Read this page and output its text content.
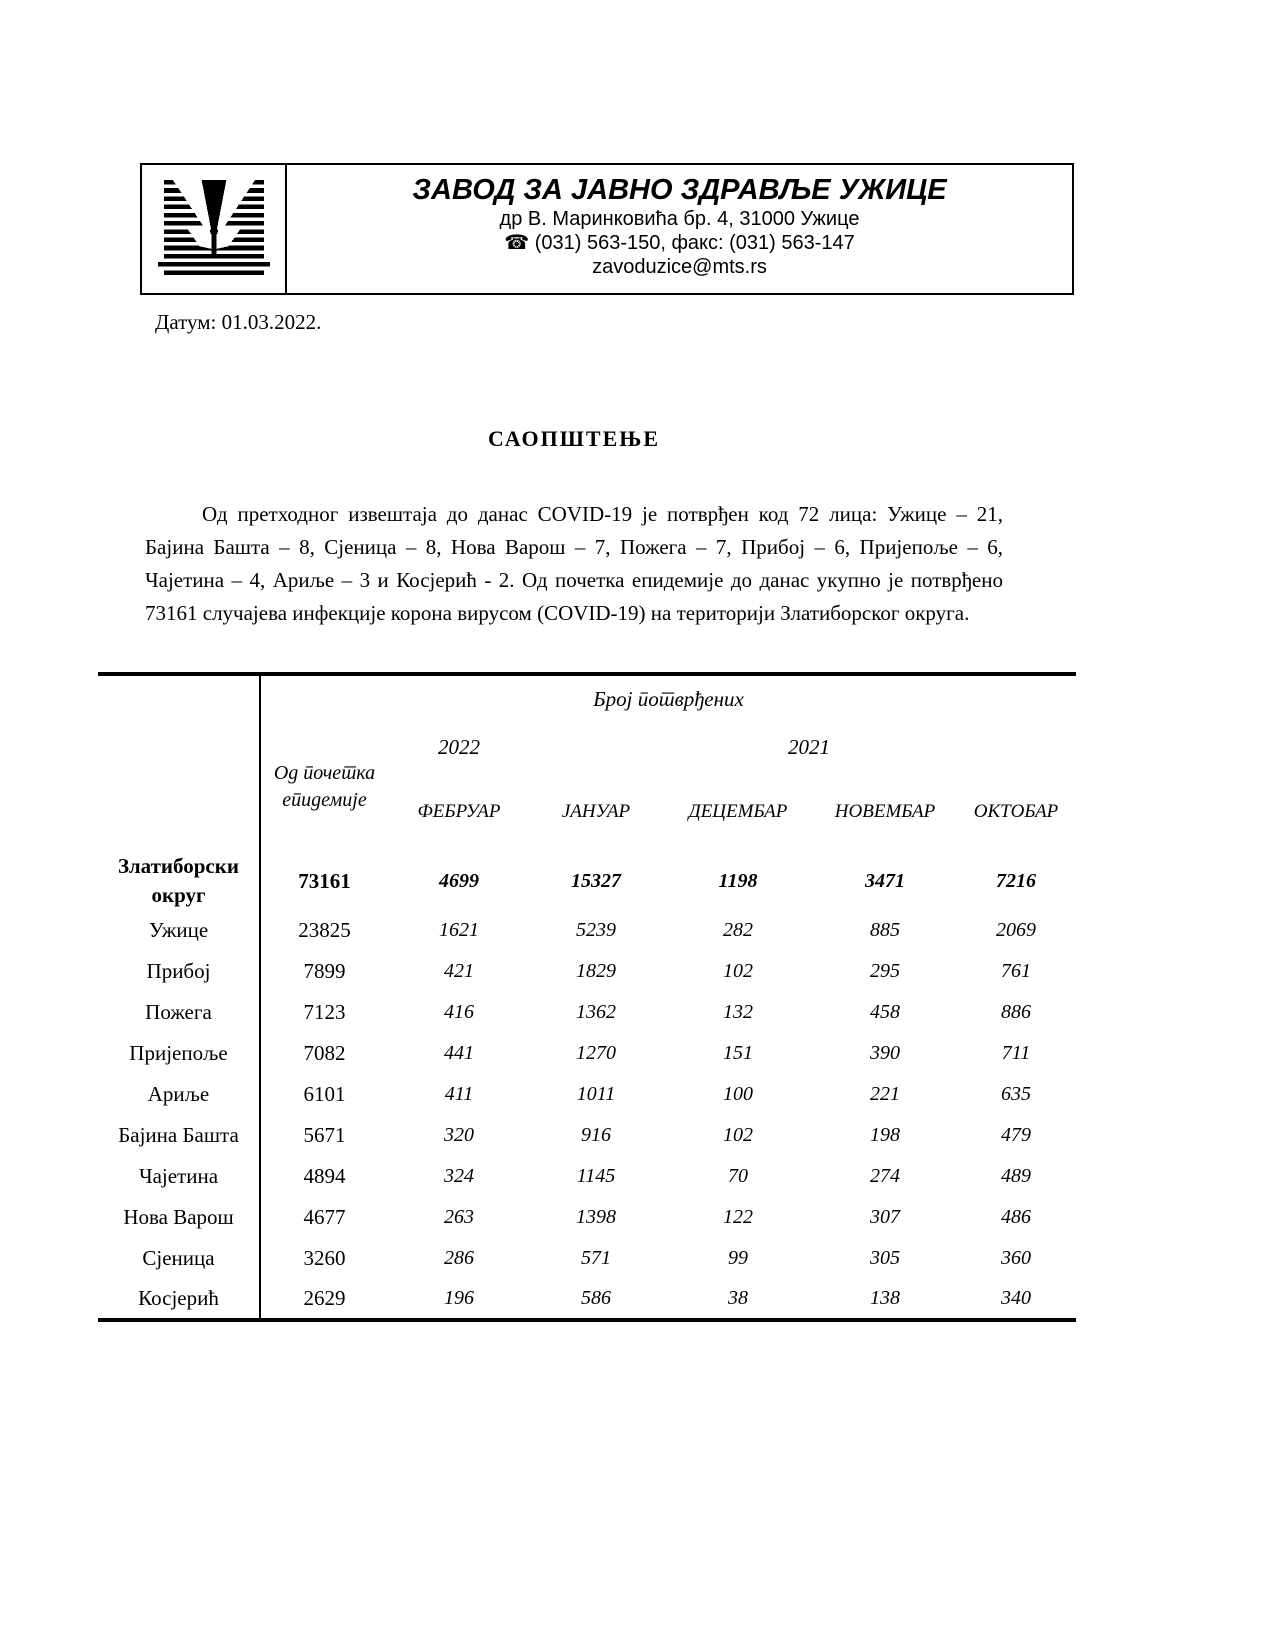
ЗАВОД ЗА ЈАВНО ЗДРАВЉЕ УЖИЦЕ
др В. Маринковића бр. 4, 31000 Ужице
☎ (031) 563-150, факс: (031) 563-147
zavoduzice@mts.rs
Датум: 01.03.2022.
САОПШТЕЊЕ

Од претходног извештаја до данас COVID-19 је потврђен код 72 лица: Ужице – 21, Бајина Башта – 8, Сјеница – 8, Нова Варош – 7, Пожега – 7, Прибој – 6, Пријепоље – 6, Чајетина – 4, Ариље – 3 и Косјерић - 2. Од почетка епидемије до данас укупно је потврђено 73161 случајева инфекције корона вирусом (COVID-19) на територији Златиборског округа.

	Број потврђених					
	Од почетка епидемије	2022		2021		
		ФЕБРУАР	ЈАНУАР	ДЕЦЕМБАР	НОВЕМБАР	ОКТОБАР
Златиборски округ	73161	4699	15327	1198	3471	7216
Ужице	23825	1621	5239	282	885	2069
Прибој	7899	421	1829	102	295	761
Пожега	7123	416	1362	132	458	886
Пријепоље	7082	441	1270	151	390	711
Ариље	6101	411	1011	100	221	635
Бајина Башта	5671	320	916	102	198	479
Чајетина	4894	324	1145	70	274	489
Нова Варош	4677	263	1398	122	307	486
Сјеница	3260	286	571	99	305	360
Косјерић	2629	196	586	38	138	340
